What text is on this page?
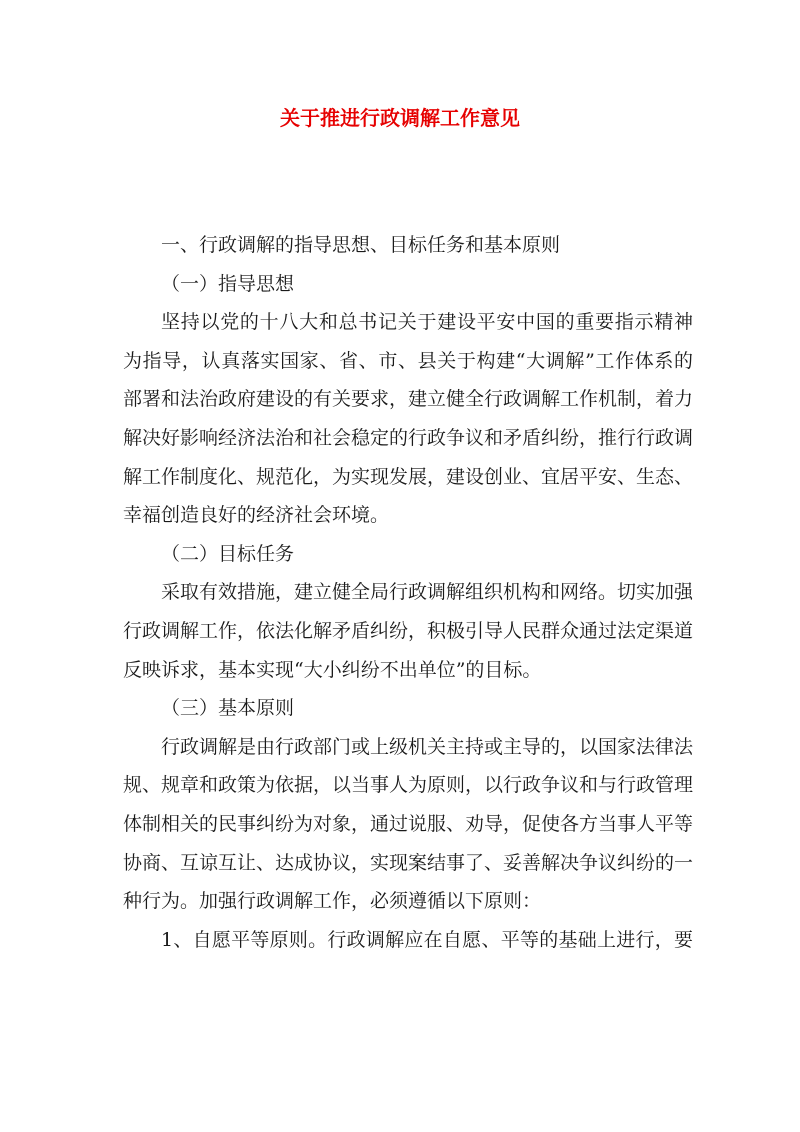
关于推进行政调解工作意见
一、行政调解的指导思想、目标任务和基本原则
（一）指导思想
坚持以党的十八大和总书记关于建设平安中国的重要指示精神
为指导，认真落实国家、省、市、县关于构建“大调解”工作体系的
部署和法治政府建设的有关要求，建立健全行政调解工作机制，着力
解决好影响经济法治和社会稳定的行政争议和矛盾纠纷，推行行政调
解工作制度化、规范化，为实现发展，建设创业、宜居平安、生态、
幸福创造良好的经济社会环境。
（二）目标任务
采取有效措施，建立健全局行政调解组织机构和网络。切实加强
行政调解工作，依法化解矛盾纠纷，积极引导人民群众通过法定渠道
反映诉求，基本实现“大小纠纷不出单位”的目标。
（三）基本原则
行政调解是由行政部门或上级机关主持或主导的，以国家法律法
规、规章和政策为依据，以当事人为原则，以行政争议和与行政管理
体制相关的民事纠纷为对象，通过说服、劝导，促使各方当事人平等
协商、互谅互让、达成协议，实现案结事了、妥善解决争议纠纷的一
种行为。加强行政调解工作，必须遵循以下原则：
1、自愿平等原则。行政调解应在自愿、平等的基础上进行，要
